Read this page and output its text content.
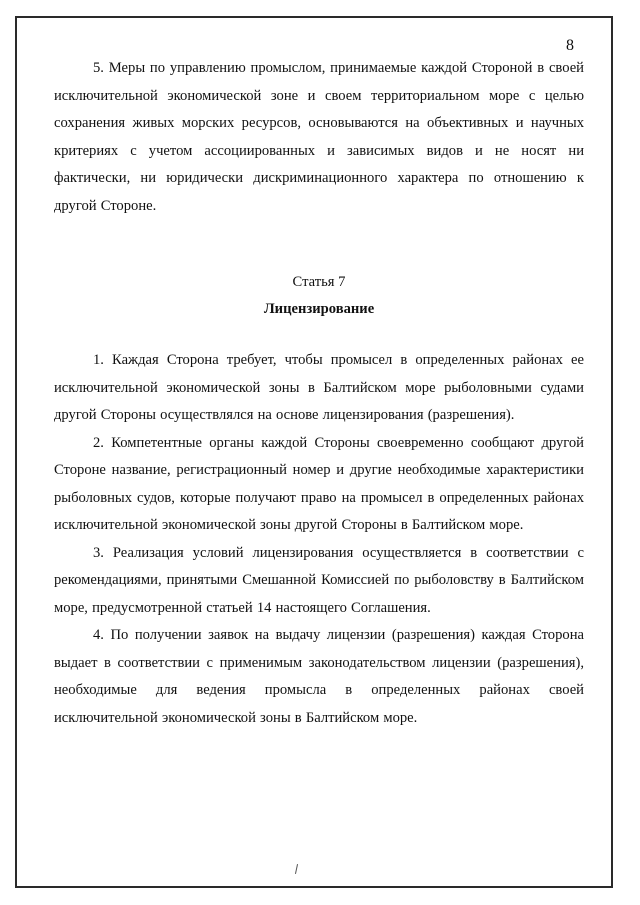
8

5. Меры по управлению промыслом, принимаемые каждой Стороной в своей исключительной экономической зоне и своем территориальном море с целью сохранения живых морских ресурсов, основываются на объективных и научных критериях с учетом ассоциированных и зависимых видов и не носят ни фактически, ни юридически дискриминационного характера по отношению к другой Стороне.

Статья 7

Лицензирование

1. Каждая Сторона требует, чтобы промысел в определенных районах ее исключительной экономической зоны в Балтийском море рыболовными судами другой Стороны осуществлялся на основе лицензирования (разрешения).

2. Компетентные органы каждой Стороны своевременно сообщают другой Стороне название, регистрационный номер и другие необходимые характеристики рыболовных судов, которые получают право на промысел в определенных районах исключительной экономической зоны другой Стороны в Балтийском море.

3. Реализация условий лицензирования осуществляется в соответствии с рекомендациями, принятыми Смешанной Комиссией по рыболовству в Балтийском море, предусмотренной статьей 14 настоящего Соглашения.

4. По получении заявок на выдачу лицензии (разрешения) каждая Сторона выдает в соответствии с применимым законодательством лицензии (разрешения), необходимые для ведения промысла в определенных районах своей исключительной экономической зоны в Балтийском море.
